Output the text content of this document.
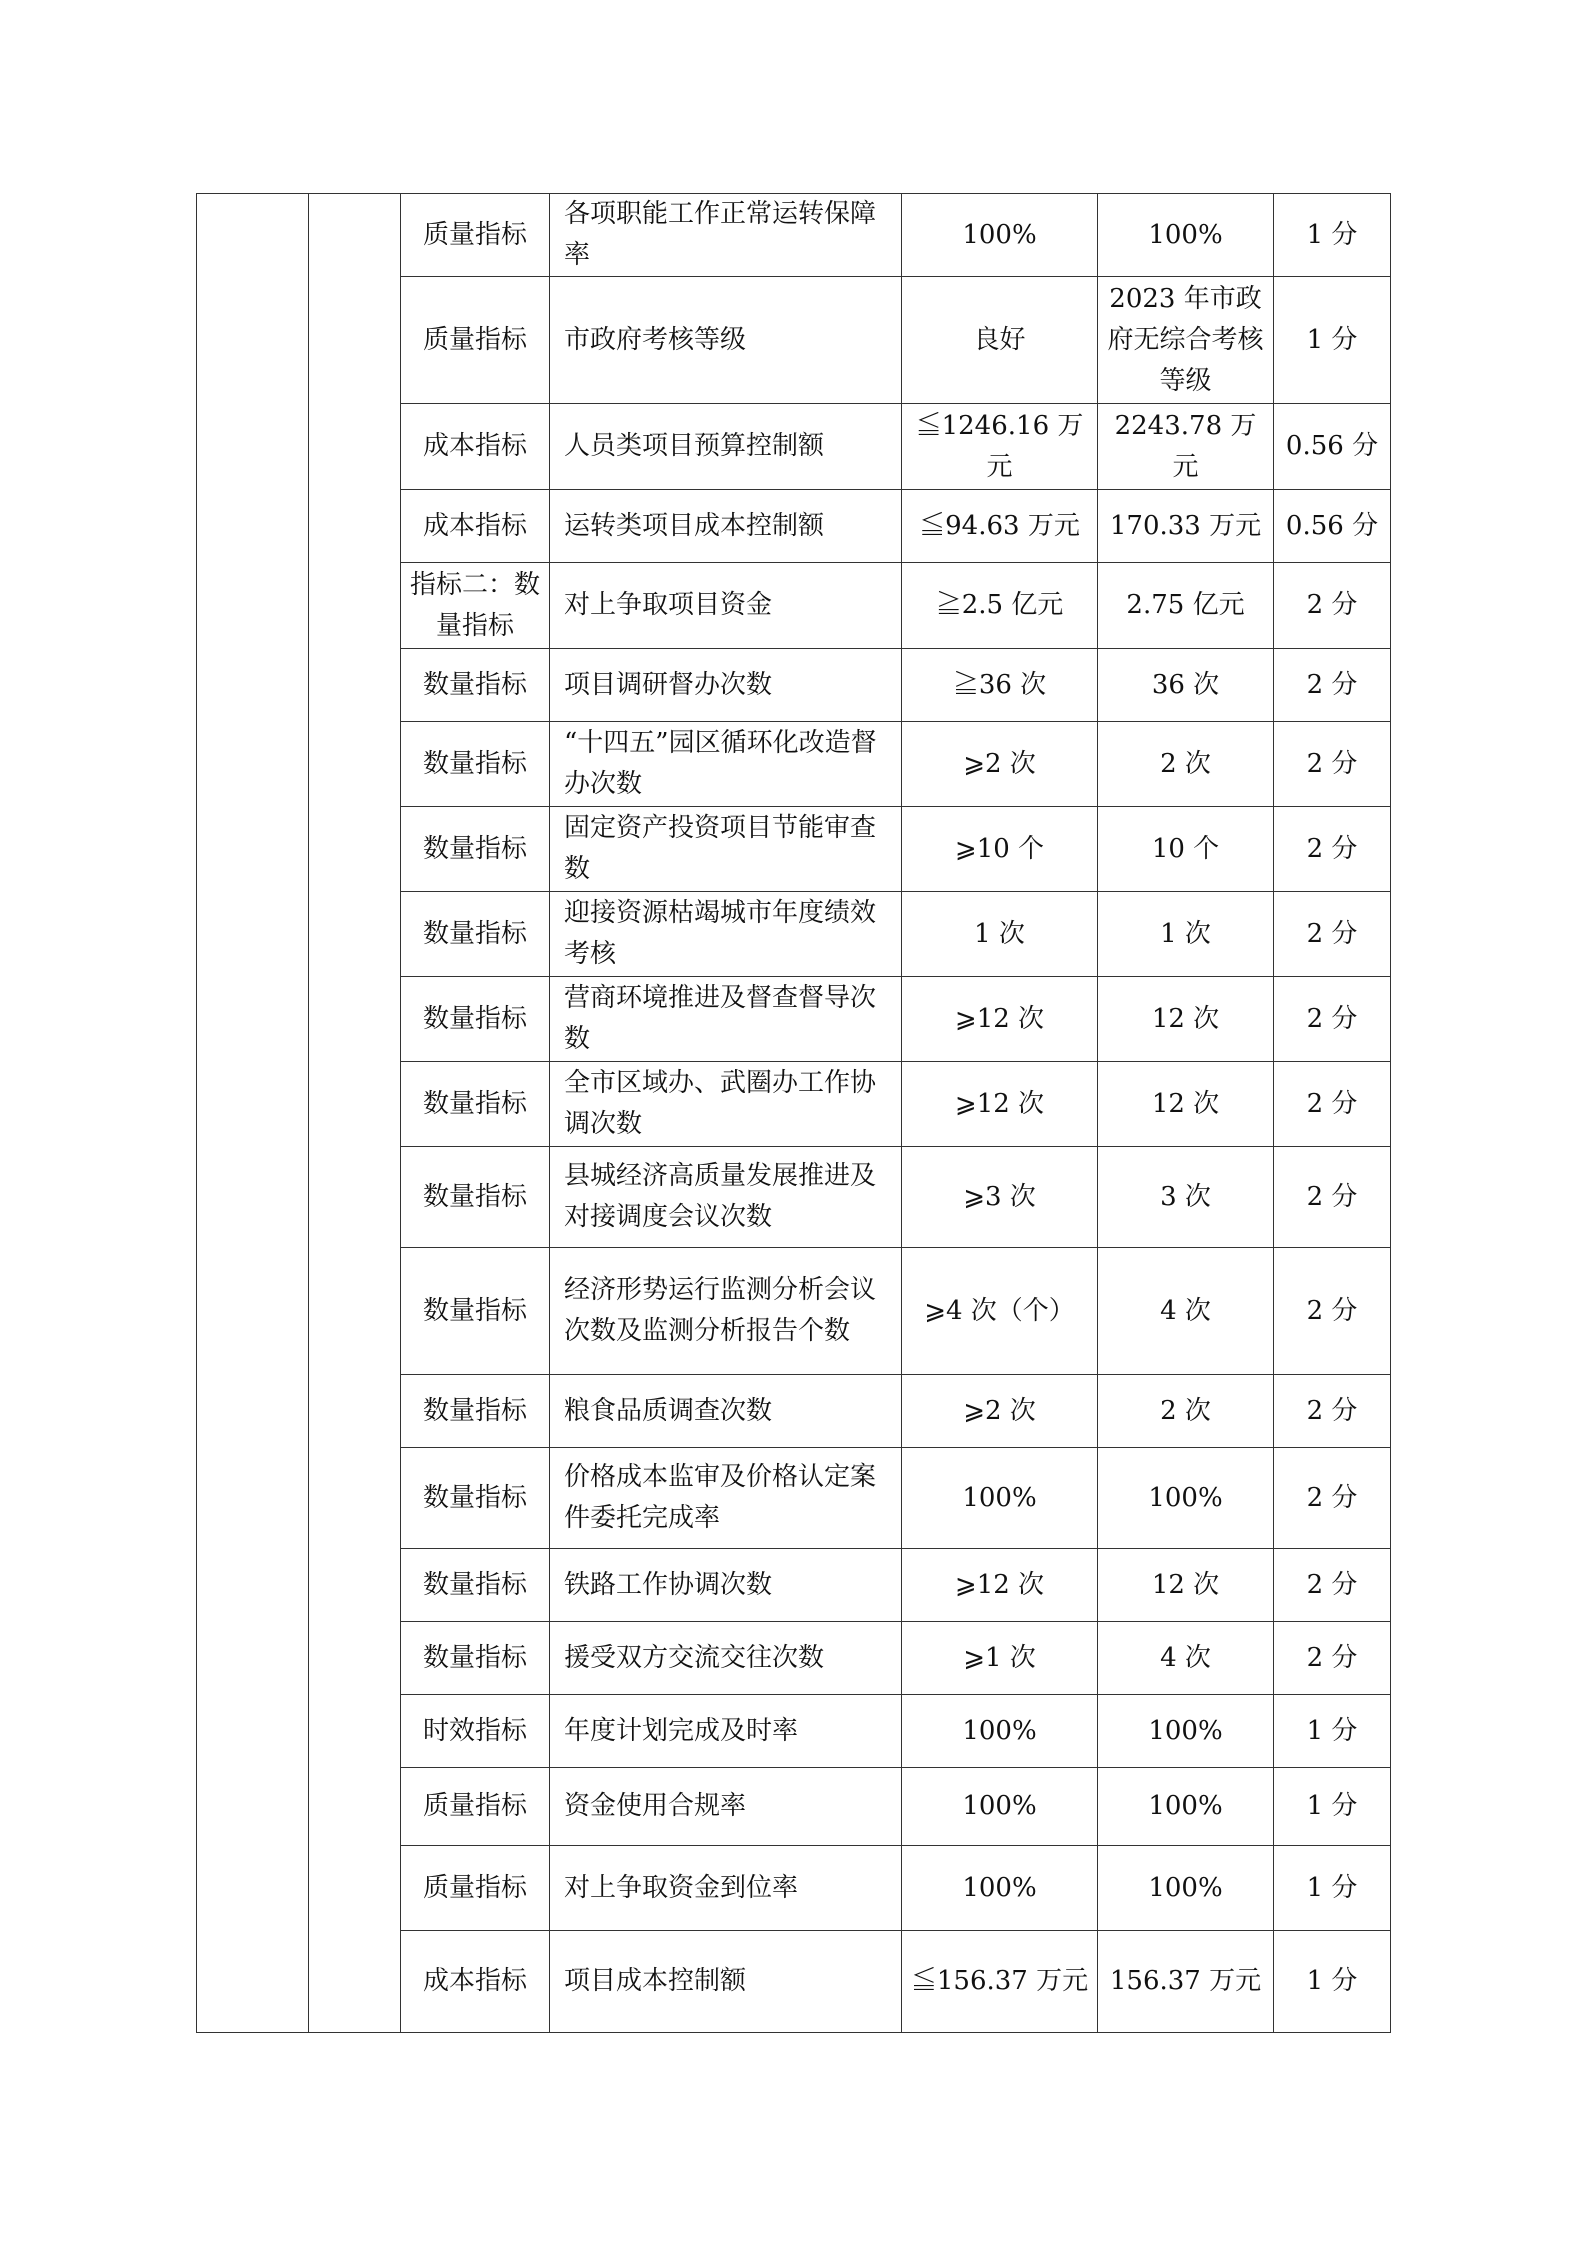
		质量指标	各项职能工作正常运转保障率	100%	100%	1 分
		质量指标	市政府考核等级	良好	2023 年市政府无综合考核等级	1 分
		成本指标	人员类项目预算控制额	≦1246.16 万元	2243.78 万元	0.56 分
		成本指标	运转类项目成本控制额	≦94.63 万元	170.33 万元	0.56 分
		指标二：数量指标	对上争取项目资金	≧2.5 亿元	2.75 亿元	2 分
		数量指标	项目调研督办次数	≧36 次	36 次	2 分
		数量指标	“十四五”园区循环化改造督办次数	⩾2 次	2 次	2 分
		数量指标	固定资产投资项目节能审查数	⩾10 个	10 个	2 分
		数量指标	迎接资源枯竭城市年度绩效考核	1 次	1 次	2 分
		数量指标	营商环境推进及督查督导次数	⩾12 次	12 次	2 分
		数量指标	全市区域办、武圈办工作协调次数	⩾12 次	12 次	2 分
		数量指标	县城经济高质量发展推进及对接调度会议次数	⩾3 次	3 次	2 分
		数量指标	经济形势运行监测分析会议次数及监测分析报告个数	⩾4 次（个）	4 次	2 分
		数量指标	粮食品质调查次数	⩾2 次	2 次	2 分
		数量指标	价格成本监审及价格认定案件委托完成率	100%	100%	2 分
		数量指标	铁路工作协调次数	⩾12 次	12 次	2 分
		数量指标	援受双方交流交往次数	⩾1 次	4 次	2 分
		时效指标	年度计划完成及时率	100%	100%	1 分
		质量指标	资金使用合规率	100%	100%	1 分
		质量指标	对上争取资金到位率	100%	100%	1 分
		成本指标	项目成本控制额	≦156.37 万元	156.37 万元	1 分
